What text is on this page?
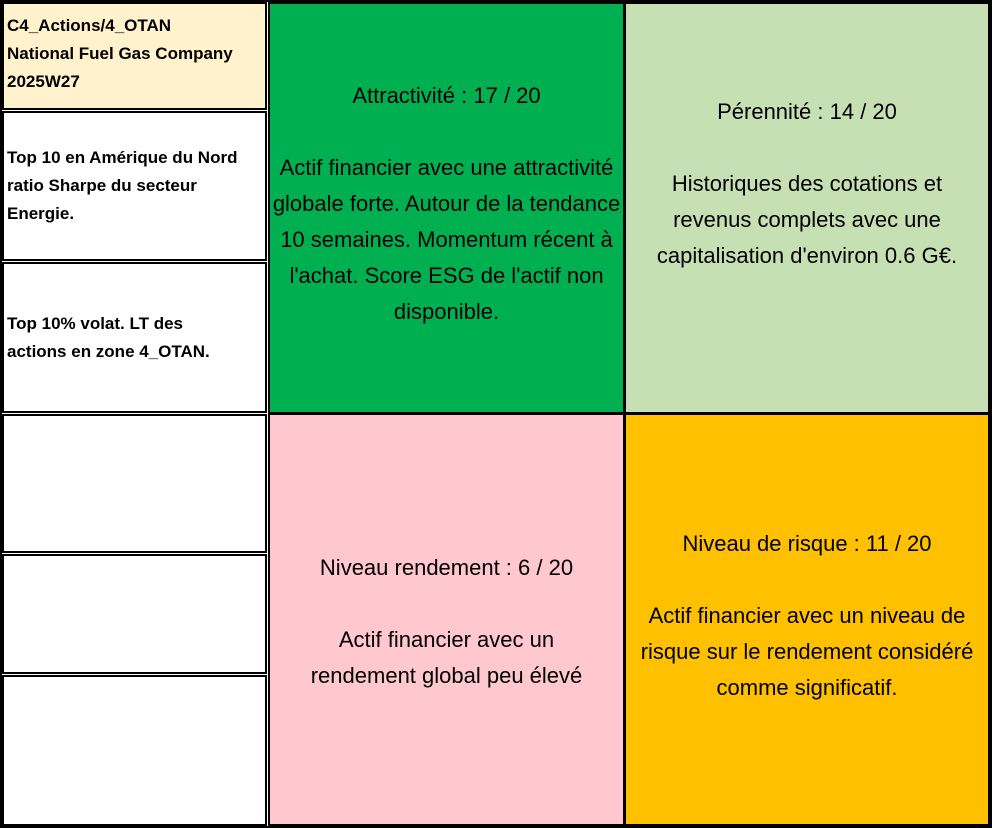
C4_Actions/4_OTAN
National Fuel Gas Company
2025W27
Top 10 en Amérique du Nord ratio Sharpe du secteur Energie.
Top 10% volat. LT des actions en zone 4_OTAN.
Attractivité : 17 / 20
Actif financier avec une attractivité globale forte. Autour de la tendance 10 semaines. Momentum récent à l'achat. Score ESG de l'actif non disponible.
Pérennité : 14 / 20
Historiques des cotations et revenus complets avec une capitalisation d'environ 0.6 G€.
Niveau rendement : 6 / 20
Actif financier avec un rendement global peu élevé
Niveau de risque : 11 / 20
Actif financier avec un niveau de risque sur le rendement considéré comme significatif.
